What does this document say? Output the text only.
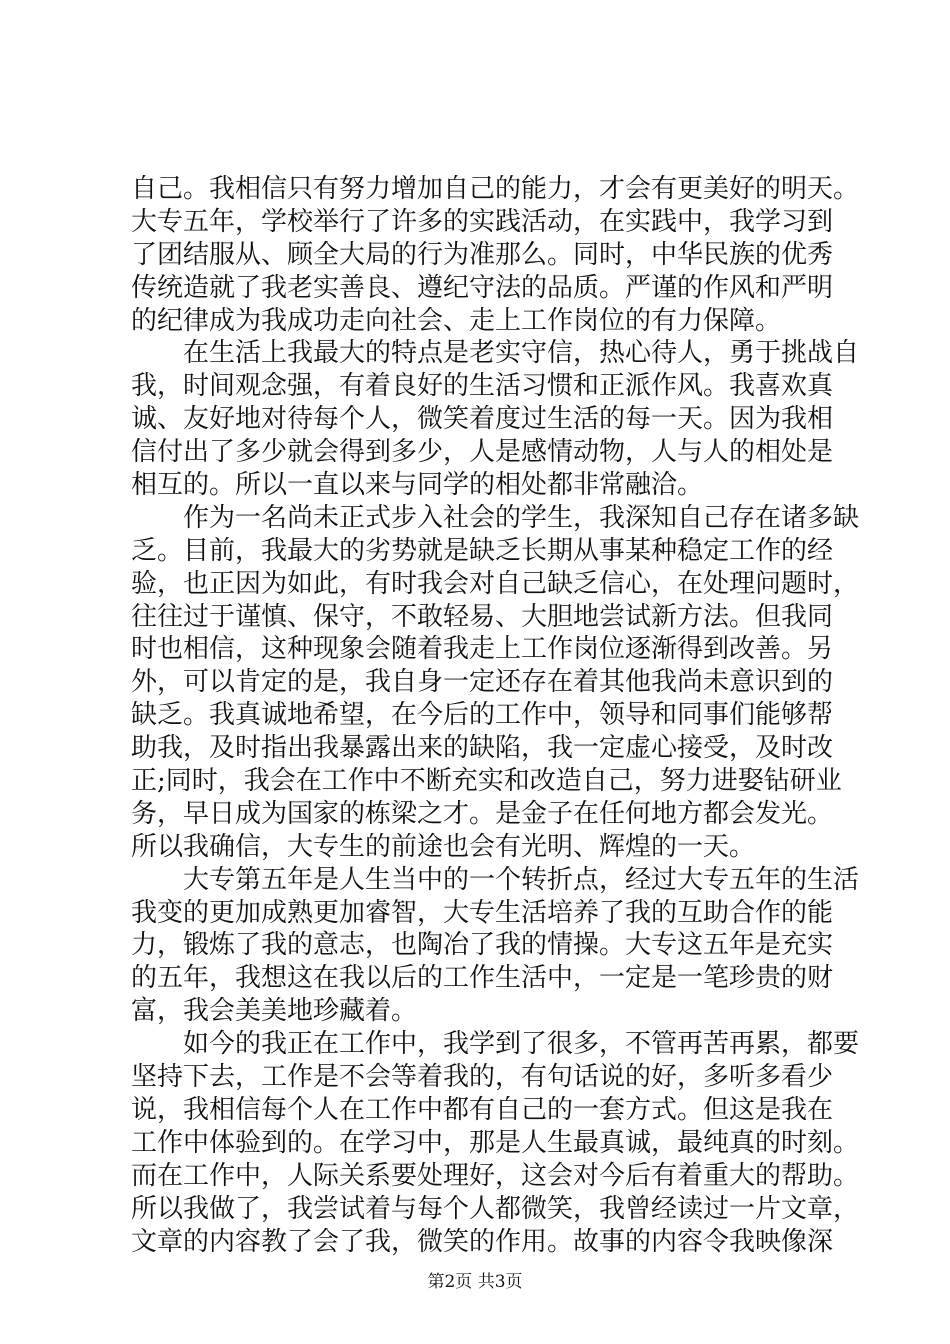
自己。我相信只有努力增加自己的能力，才会有更美好的明天。
大专五年，学校举行了许多的实践活动，在实践中，我学习到
了团结服从、顾全大局的行为准那么。同时，中华民族的优秀
传统造就了我老实善良、遵纪守法的品质。严谨的作风和严明
的纪律成为我成功走向社会、走上工作岗位的有力保障。
在生活上我最大的特点是老实守信，热心待人，勇于挑战自
我，时间观念强，有着良好的生活习惯和正派作风。我喜欢真
诚、友好地对待每个人，微笑着度过生活的每一天。因为我相
信付出了多少就会得到多少，人是感情动物，人与人的相处是
相互的。所以一直以来与同学的相处都非常融洽。
作为一名尚未正式步入社会的学生，我深知自己存在诸多缺
乏。目前，我最大的劣势就是缺乏长期从事某种稳定工作的经
验，也正因为如此，有时我会对自己缺乏信心，在处理问题时，
往往过于谨慎、保守，不敢轻易、大胆地尝试新方法。但我同
时也相信，这种现象会随着我走上工作岗位逐渐得到改善。另
外，可以肯定的是，我自身一定还存在着其他我尚未意识到的
缺乏。我真诚地希望，在今后的工作中，领导和同事们能够帮
助我，及时指出我暴露出来的缺陷，我一定虚心接受，及时改
正;同时，我会在工作中不断充实和改造自己，努力进娶钻研业
务，早日成为国家的栋梁之才。是金子在任何地方都会发光。
所以我确信，大专生的前途也会有光明、辉煌的一天。
大专第五年是人生当中的一个转折点，经过大专五年的生活
我变的更加成熟更加睿智，大专生活培养了我的互助合作的能
力，锻炼了我的意志，也陶冶了我的情操。大专这五年是充实
的五年，我想这在我以后的工作生活中，一定是一笔珍贵的财
富，我会美美地珍藏着。
如今的我正在工作中，我学到了很多，不管再苦再累，都要
坚持下去，工作是不会等着我的，有句话说的好，多听多看少
说，我相信每个人在工作中都有自己的一套方式。但这是我在
工作中体验到的。在学习中，那是人生最真诚，最纯真的时刻。
而在工作中，人际关系要处理好，这会对今后有着重大的帮助。
所以我做了，我尝试着与每个人都微笑，我曾经读过一片文章，
文章的内容教了会了我，微笑的作用。故事的内容令我映像深
第2页 共3页
